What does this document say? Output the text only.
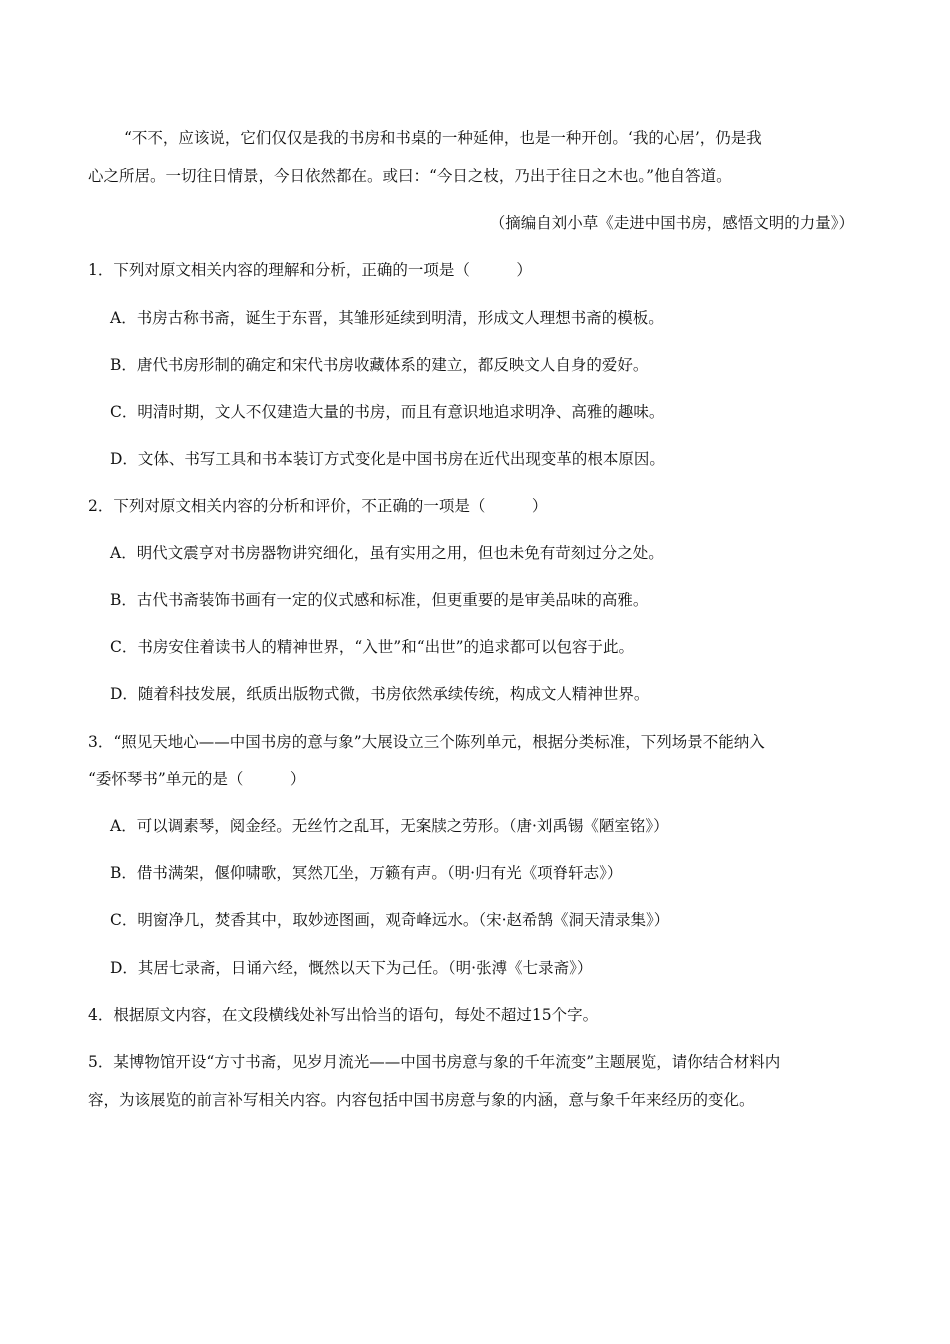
“不不，应该说，它们仅仅是我的书房和书桌的一种延伸，也是一种开创。‘我的心居’，仍是我
心之所居。一切往日情景，今日依然都在。或曰：“今日之枝，乃出于往日之木也。”他自答道。
（摘编自刘小草《走进中国书房，感悟文明的力量》）
1．下列对原文相关内容的理解和分析，正确的一项是（　　　）
A．书房古称书斋，诞生于东晋，其雏形延续到明清，形成文人理想书斋的模板。
B．唐代书房形制的确定和宋代书房收藏体系的建立，都反映文人自身的爱好。
C．明清时期，文人不仅建造大量的书房，而且有意识地追求明净、高雅的趣味。
D．文体、书写工具和书本装订方式变化是中国书房在近代出现变革的根本原因。
2．下列对原文相关内容的分析和评价，不正确的一项是（　　　）
A．明代文震亨对书房器物讲究细化，虽有实用之用，但也未免有苛刻过分之处。
B．古代书斋装饰书画有一定的仪式感和标准，但更重要的是审美品味的高雅。
C．书房安住着读书人的精神世界，“入世”和“出世”的追求都可以包容于此。
D．随着科技发展，纸质出版物式微，书房依然承续传统，构成文人精神世界。
3．“照见天地心——中国书房的意与象”大展设立三个陈列单元，根据分类标准，下列场景不能纳入
“委怀琴书”单元的是（　　　）
A．可以调素琴，阅金经。无丝竹之乱耳，无案牍之劳形。（唐·刘禹锡《陋室铭》）
B．借书满架，偃仰啸歌，冥然兀坐，万籁有声。（明·归有光《项脊轩志》）
C．明窗净几，焚香其中，取妙迹图画，观奇峰远水。（宋·赵希鹄《洞天清录集》）
D．其居七录斋，日诵六经，慨然以天下为己任。（明·张溥《七录斋》）
4．根据原文内容，在文段横线处补写出恰当的语句，每处不超过15个字。
5．某博物馆开设“方寸书斋，见岁月流光——中国书房意与象的千年流变”主题展览，请你结合材料内
容，为该展览的前言补写相关内容。内容包括中国书房意与象的内涵，意与象千年来经历的变化。
